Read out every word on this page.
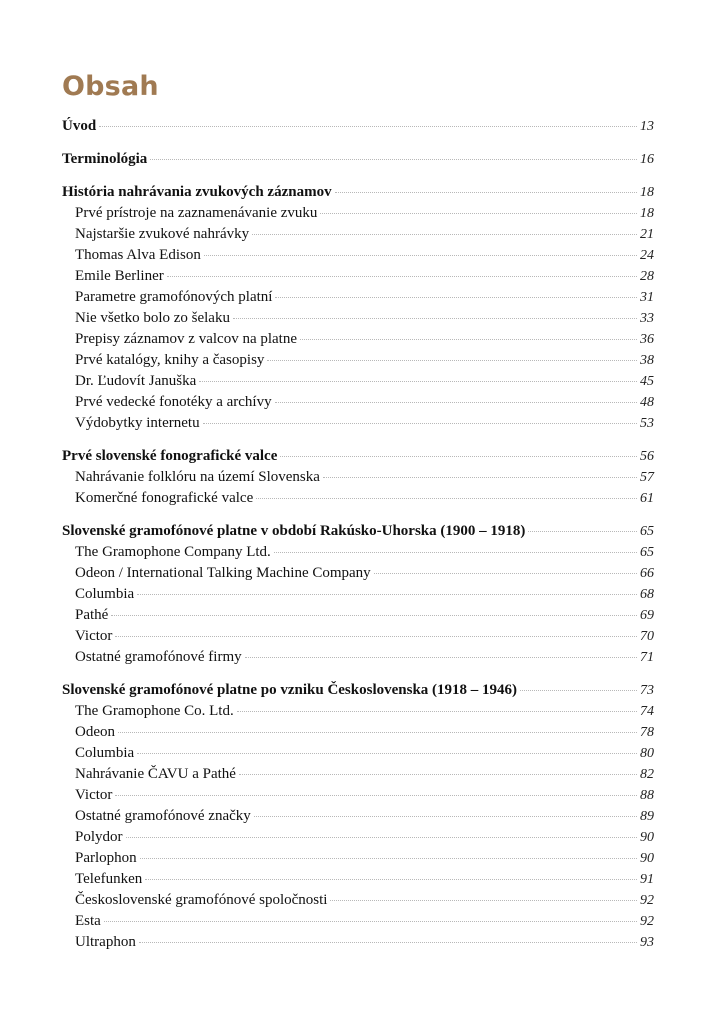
Obsah
Úvod	13
Terminológia	16
História nahrávania zvukových záznamov	18
Prvé prístroje na zaznamenávanie zvuku	18
Najstaršie zvukové nahrávky	21
Thomas Alva Edison	24
Emile Berliner	28
Parametre gramofónových platní	31
Nie všetko bolo zo šelaku	33
Prepisy záznamov z valcov na platne	36
Prvé katalógy, knihy a časopisy	38
Dr. Ľudovít Januška	45
Prvé vedecké fonotéky a archívy	48
Výdobytky internetu	53
Prvé slovenské fonografické valce	56
Nahrávanie folklóru na území Slovenska	57
Komerčné fonografické valce	61
Slovenské gramofónové platne v období Rakúsko-Uhorska (1900 – 1918)	65
The Gramophone Company Ltd.	65
Odeon / International Talking Machine Company	66
Columbia	68
Pathé	69
Victor	70
Ostatné gramofónové firmy	71
Slovenské gramofónové platne po vzniku Československa (1918 – 1946)	73
The Gramophone Co. Ltd.	74
Odeon	78
Columbia	80
Nahrávanie ČAVU a Pathé	82
Victor	88
Ostatné gramofónové značky	89
Polydor	90
Parlophon	90
Telefunken	91
Československé gramofónové spoločnosti	92
Esta	92
Ultraphon	93
